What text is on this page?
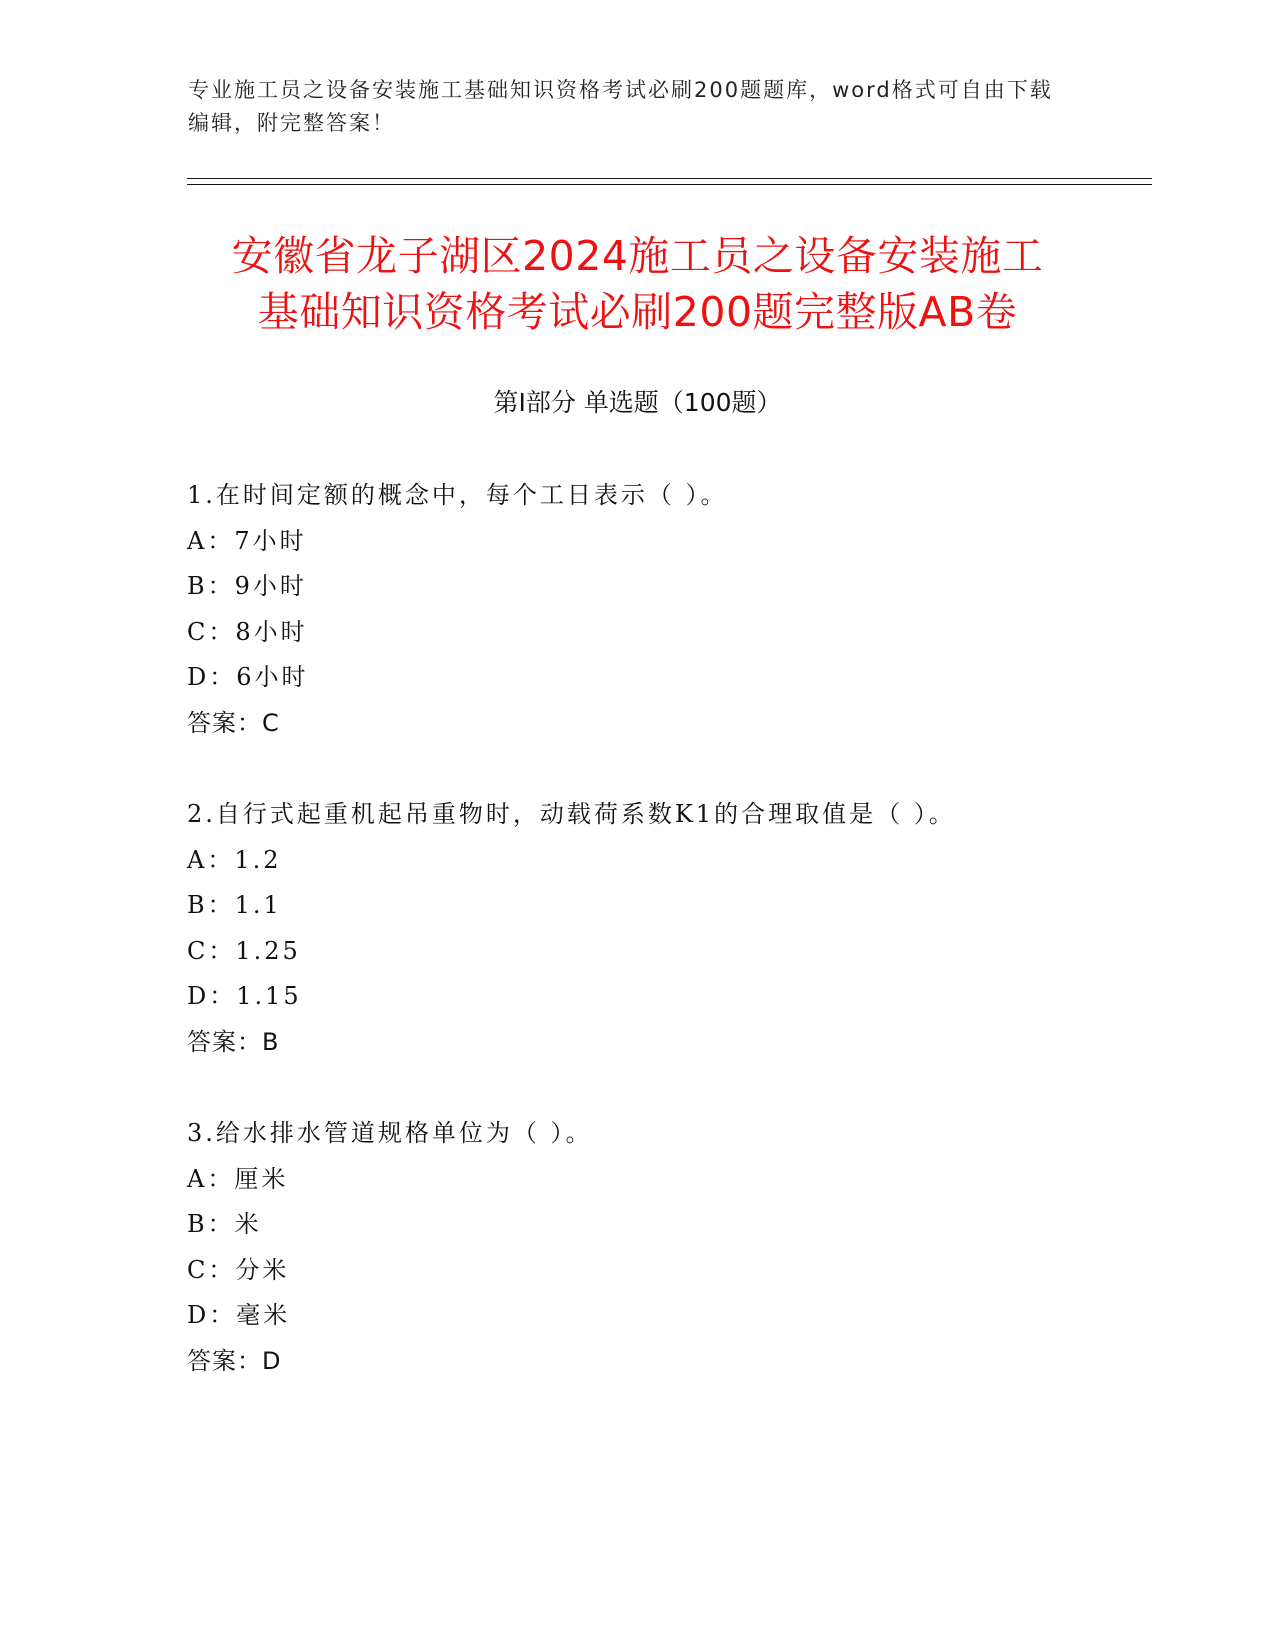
专业施工员之设备安装施工基础知识资格考试必刷200题题库，word格式可自由下载编辑，附完整答案！
安徽省龙子湖区2024施工员之设备安装施工
基础知识资格考试必刷200题完整版AB卷
第Ⅰ部分 单选题（100题）
1.在时间定额的概念中，每个工日表示（ ）。
A：7小时
B：9小时
C：8小时
D：6小时
答案：C
2.自行式起重机起吊重物时，动载荷系数K1的合理取值是（ ）。
A：1.2
B：1.1
C：1.25
D：1.15
答案：B
3.给水排水管道规格单位为（ ）。
A：厘米
B：米
C：分米
D：毫米
答案：D
